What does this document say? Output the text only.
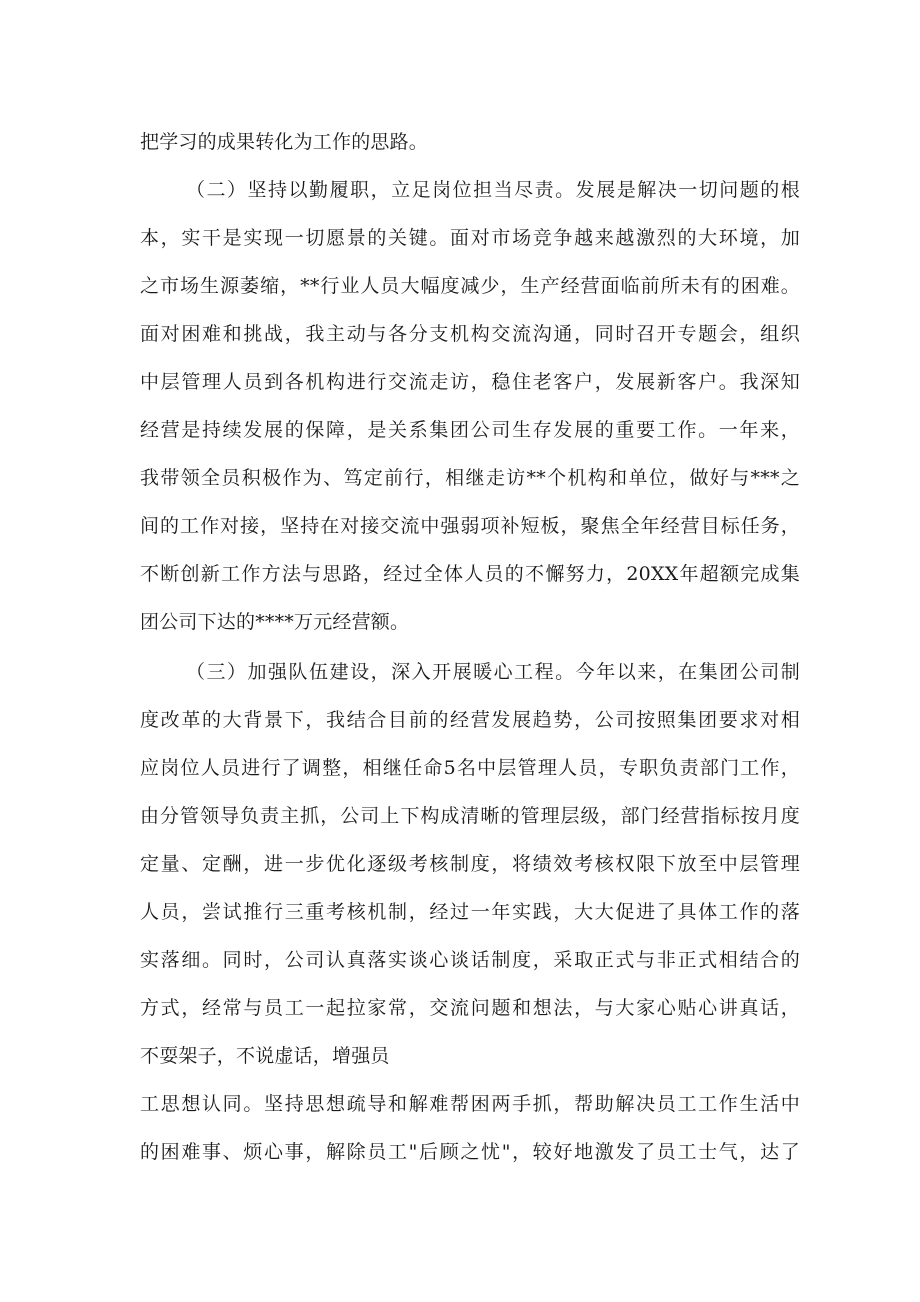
把学习的成果转化为工作的思路。
（二）坚持以勤履职，立足岗位担当尽责。发展是解决一切问题的根
本，实干是实现一切愿景的关键。面对市场竞争越来越激烈的大环境，加
之市场生源萎缩，**行业人员大幅度减少，生产经营面临前所未有的困难。
面对困难和挑战，我主动与各分支机构交流沟通，同时召开专题会，组织
中层管理人员到各机构进行交流走访，稳住老客户，发展新客户。我深知
经营是持续发展的保障，是关系集团公司生存发展的重要工作。一年来，
我带领全员积极作为、笃定前行，相继走访**个机构和单位，做好与***之
间的工作对接，坚持在对接交流中强弱项补短板，聚焦全年经营目标任务，
不断创新工作方法与思路，经过全体人员的不懈努力，20XX年超额完成集
团公司下达的****万元经营额。
（三）加强队伍建设，深入开展暖心工程。今年以来，在集团公司制
度改革的大背景下，我结合目前的经营发展趋势，公司按照集团要求对相
应岗位人员进行了调整，相继任命5名中层管理人员，专职负责部门工作，
由分管领导负责主抓，公司上下构成清晰的管理层级，部门经营指标按月度
定量、定酬，进一步优化逐级考核制度，将绩效考核权限下放至中层管理
人员，尝试推行三重考核机制，经过一年实践，大大促进了具体工作的落
实落细。同时，公司认真落实谈心谈话制度，采取正式与非正式相结合的
方式，经常与员工一起拉家常，交流问题和想法，与大家心贴心讲真话，
不耍架子，不说虚话，增强员
工思想认同。坚持思想疏导和解难帮困两手抓，帮助解决员工工作生活中
的困难事、烦心事，解除员工"后顾之忧"，较好地激发了员工士气，达了
